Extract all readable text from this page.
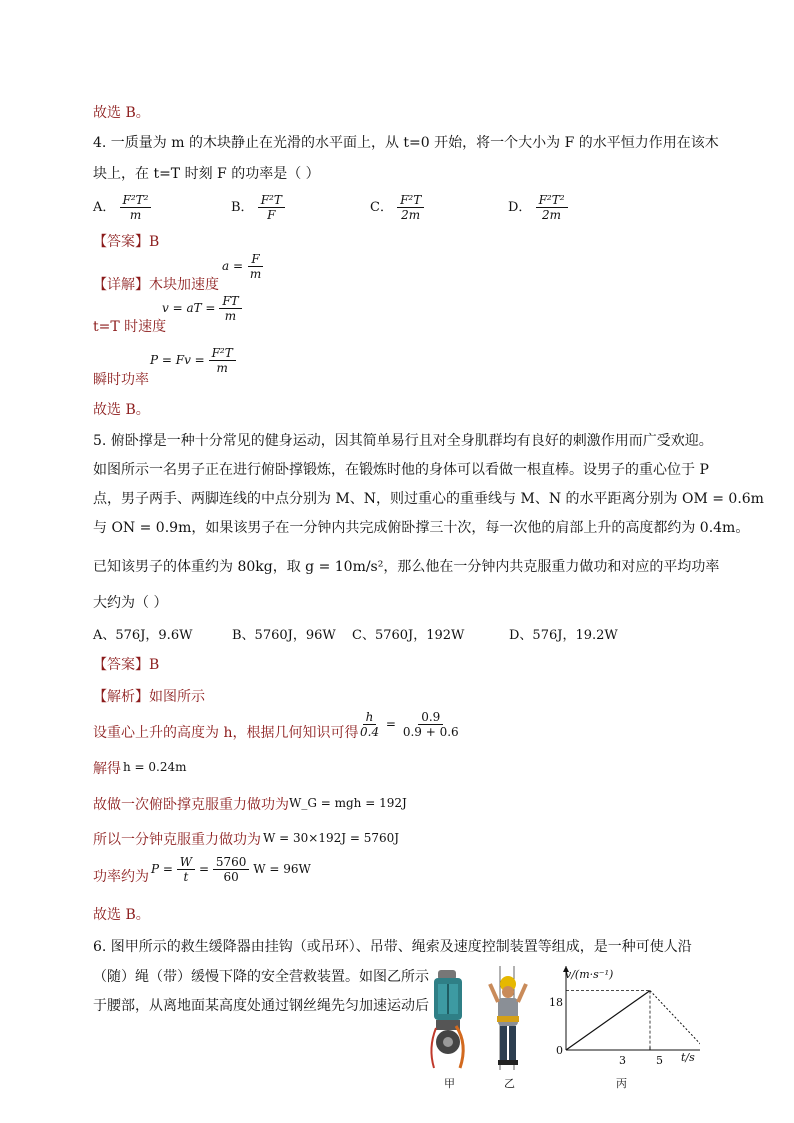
故选 B。
4. 一质量为 m 的木块静止在光滑的水平面上，从 t=0 开始，将一个大小为 F 的水平恒力作用在该木
块上，在 t=T 时刻 F 的功率是（ ）
A． $\frac{\text{F²T²}}{m}$	B． $\frac{\text{F²T}}{F}$	C． $\frac{\text{F²T}}{2m}$	D． $\frac{\text{F²T²}}{2m}$
【答案】B
【详解】木块加速度
$a = \frac{F}{m}$
t=T 时速度
v = aT = $\frac{FT}{m}$
瞬时功率
$P = Fv = \frac{\text{F²T}}{m}$
故选 B。
5. 俯卧撑是一种十分常见的健身运动，因其简单易行且对全身肌群均有良好的刺激作用而广受欢迎。
如图所示一名男子正在进行俯卧撑锻炼，在锻炼时他的身体可以看做一根直棒。设男子的重心位于 P
点，男子两手、两脚连线的中点分别为 M、N，则过重心的重垂线与 M、N 的水平距离分别为 OM = 0.6m
与 ON = 0.9m，如果该男子在一分钟内共完成俯卧撑三十次，每一次他的肩部上升的高度都约为 0.4m。
已知该男子的体重约为 80kg，取 g = 10m/s²，那么他在一分钟内共克服重力做功和对应的平均功率
大约为（ ）
A、576J，9.6W	B、5760J，96W C、5760J，192W	D、576J，19.2W
【答案】B
【解析】如图所示
设重心上升的高度为 h，根据几何知识可得
$\frac{h}{0.4} = \frac{0.9}{0.9 + 0.6}$
解得 h = 0.24m
故做一次俯卧撑克服重力做功为 W_G = mgh = 192J
所以一分钟克服重力做功为 W = 30×192J = 5760J
功率约为 $P = \frac{W}{t} = \frac{5760}{60}$ W = 96W
故选 B。
6. 图甲所示的救生缓降器由挂钩（或吊环）、吊带、绳索及速度控制装置等组成，是一种可使人沿
（随）绳（带）缓慢下降的安全营救装置。如图乙所示
于腰部，从离地面某高度处通过钢丝绳先匀加速运动后
甲	乙
v/(m·s⁻¹)
t/s
0
18
3	5
丙
